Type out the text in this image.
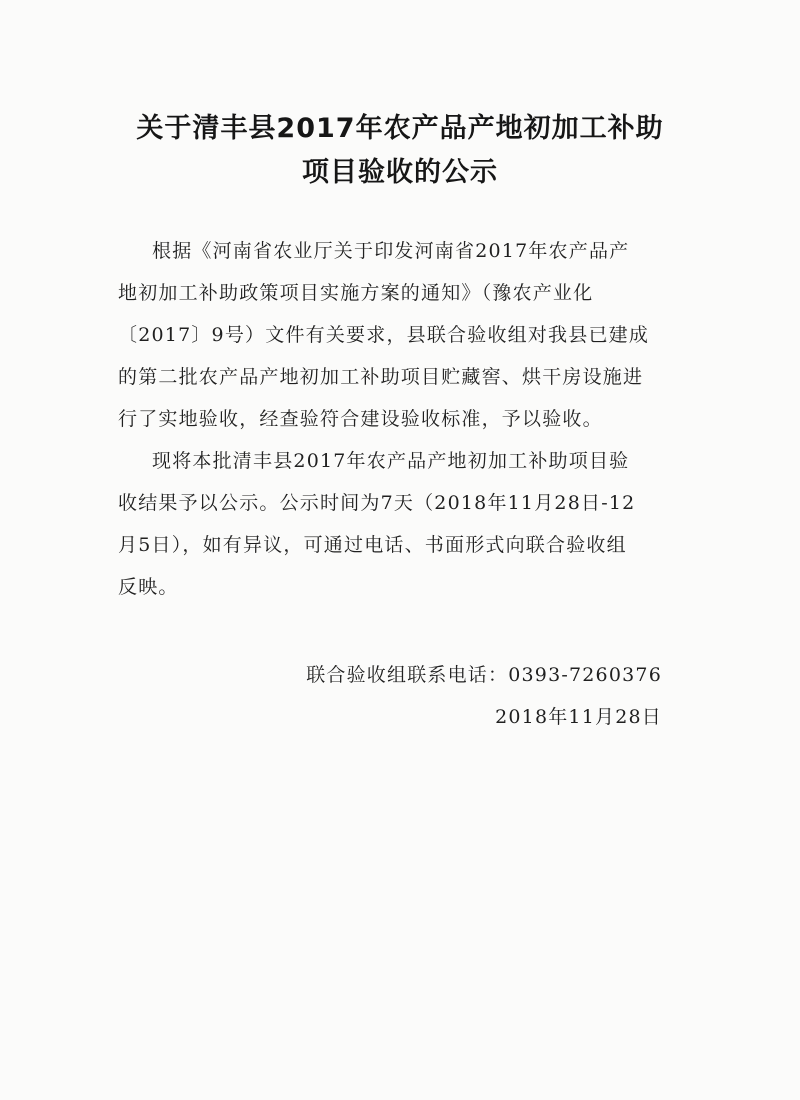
关于清丰县2017年农产品产地初加工补助
项目验收的公示
根据《河南省农业厅关于印发河南省2017年农产品产
地初加工补助政策项目实施方案的通知》（豫农产业化
〔2017〕9号）文件有关要求，县联合验收组对我县已建成
的第二批农产品产地初加工补助项目贮藏窖、烘干房设施进
行了实地验收，经查验符合建设验收标准，予以验收。
现将本批清丰县2017年农产品产地初加工补助项目验
收结果予以公示。公示时间为7天（2018年11月28日-12
月5日），如有异议，可通过电话、书面形式向联合验收组
反映。
联合验收组联系电话：0393-7260376
2018年11月28日
